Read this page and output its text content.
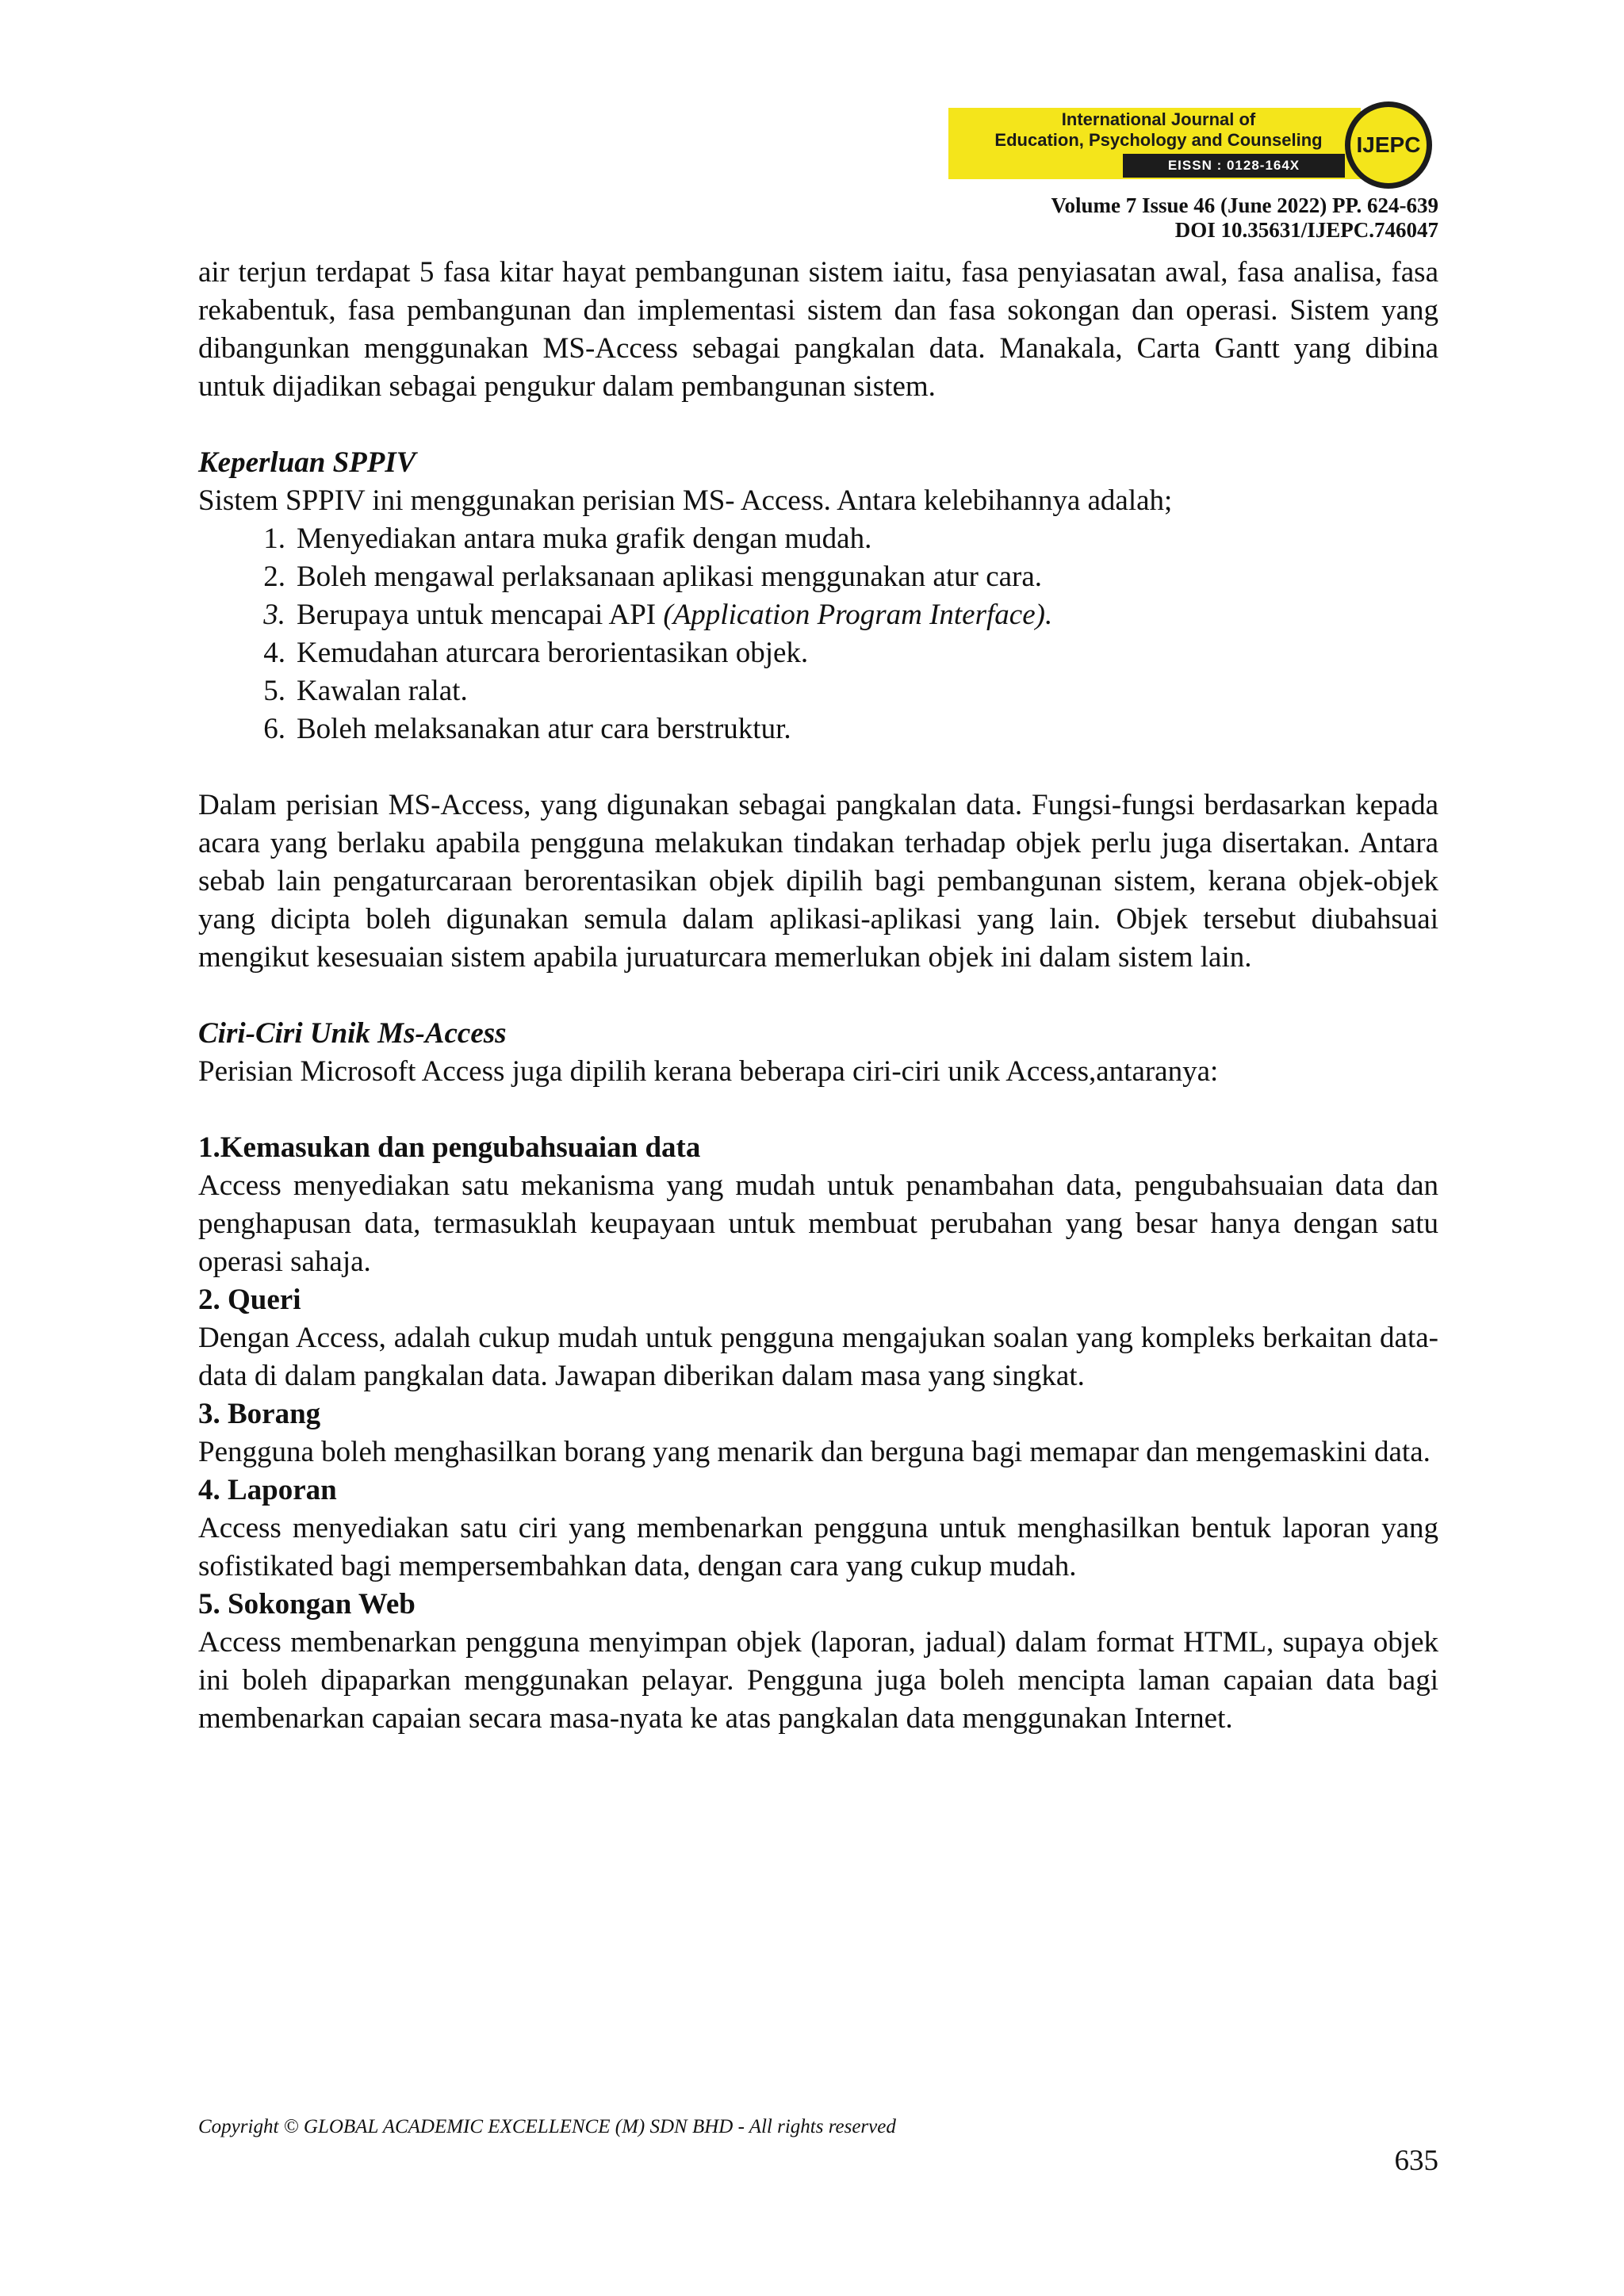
International Journal of
Education, Psychology and Counseling
EISSN : 0128-164X
IJEPC
Volume 7 Issue 46 (June 2022) PP. 624-639
DOI 10.35631/IJEPC.746047

air terjun terdapat 5 fasa kitar hayat pembangunan sistem iaitu, fasa penyiasatan awal, fasa analisa, fasa rekabentuk, fasa pembangunan dan implementasi sistem dan fasa sokongan dan operasi. Sistem yang dibangunkan menggunakan MS-Access sebagai pangkalan data. Manakala, Carta Gantt yang dibina untuk dijadikan sebagai pengukur dalam pembangunan sistem.

Keperluan SPPIV

Sistem SPPIV ini menggunakan perisian MS- Access. Antara kelebihannya adalah;

1. Menyediakan antara muka grafik dengan mudah.
2. Boleh mengawal perlaksanaan aplikasi menggunakan atur cara.
3. Berupaya untuk mencapai API (Application Program Interface).
4. Kemudahan aturcara berorientasikan objek.
5. Kawalan ralat.
6. Boleh melaksanakan atur cara berstruktur.

Dalam perisian MS-Access, yang digunakan sebagai pangkalan data. Fungsi-fungsi berdasarkan kepada acara yang berlaku apabila pengguna melakukan tindakan terhadap objek perlu juga disertakan. Antara sebab lain pengaturcaraan berorentasikan objek dipilih bagi pembangunan sistem, kerana objek-objek yang dicipta boleh digunakan semula dalam aplikasi-aplikasi yang lain. Objek tersebut diubahsuai mengikut kesesuaian sistem apabila juruaturcara memerlukan objek ini dalam sistem lain.

Ciri-Ciri Unik Ms-Access

Perisian Microsoft Access juga dipilih kerana beberapa ciri-ciri unik Access,antaranya:

1.Kemasukan dan pengubahsuaian data

Access menyediakan satu mekanisma yang mudah untuk penambahan data, pengubahsuaian data dan penghapusan data, termasuklah keupayaan untuk membuat perubahan yang besar hanya dengan satu operasi sahaja.

2. Queri

Dengan Access, adalah cukup mudah untuk pengguna mengajukan soalan yang kompleks berkaitan data-data di dalam pangkalan data. Jawapan diberikan dalam masa yang singkat.

3. Borang

Pengguna boleh menghasilkan borang yang menarik dan berguna bagi memapar dan mengemaskini data.

4. Laporan

Access menyediakan satu ciri yang membenarkan pengguna untuk menghasilkan bentuk laporan yang sofistikated bagi mempersembahkan data, dengan cara yang cukup mudah.

5. Sokongan Web

Access membenarkan pengguna menyimpan objek (laporan, jadual) dalam format HTML, supaya objek ini boleh dipaparkan menggunakan pelayar. Pengguna juga boleh mencipta laman capaian data bagi membenarkan capaian secara masa-nyata ke atas pangkalan data menggunakan Internet.

Copyright © GLOBAL ACADEMIC EXCELLENCE (M) SDN BHD - All rights reserved
635
